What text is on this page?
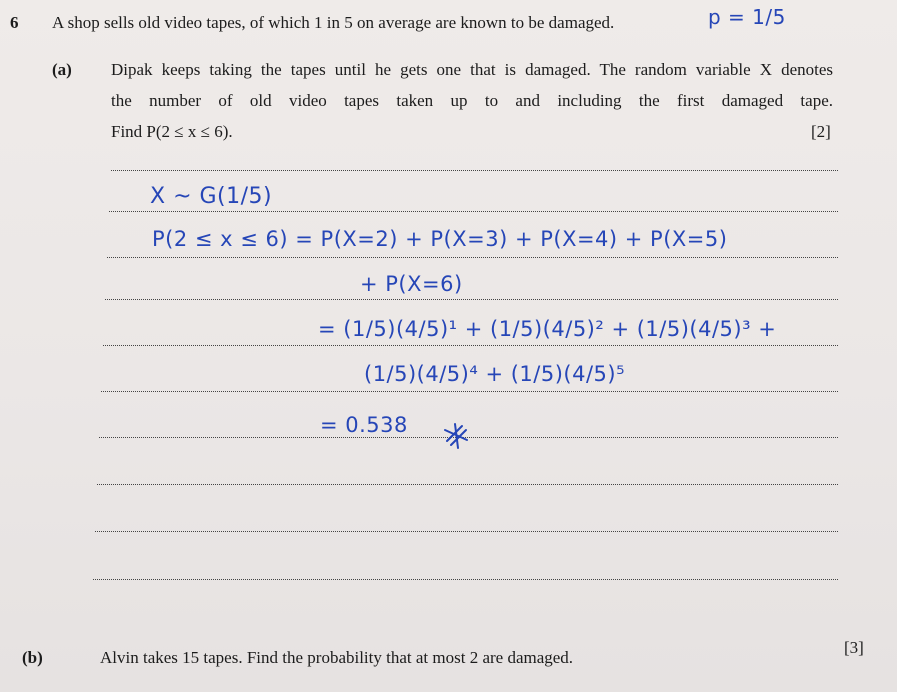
6 A shop sells old video tapes, of which 1 in 5 on average are known to be damaged.	p = 1/5
(a) Dipak keeps taking the tapes until he gets one that is damaged. The random variable X denotes
the number of old video tapes taken up to and including the first damaged tape.
Find P(2 ≤ x ≤ 6).	[2]
X ~ G(1/5)
P(2 ≤ x ≤ 6) = P(X=2) + P(X=3) + P(X=4) + P(X=5)
+ P(X=6)
= (1/5)(4/5)¹ + (1/5)(4/5)² + (1/5)(4/5)³ +
(1/5)(4/5)⁴ + (1/5)(4/5)⁵
= 0.538
(b)	Alvin takes 15 tapes. Find the probability that at most 2 are damaged.
[3]
